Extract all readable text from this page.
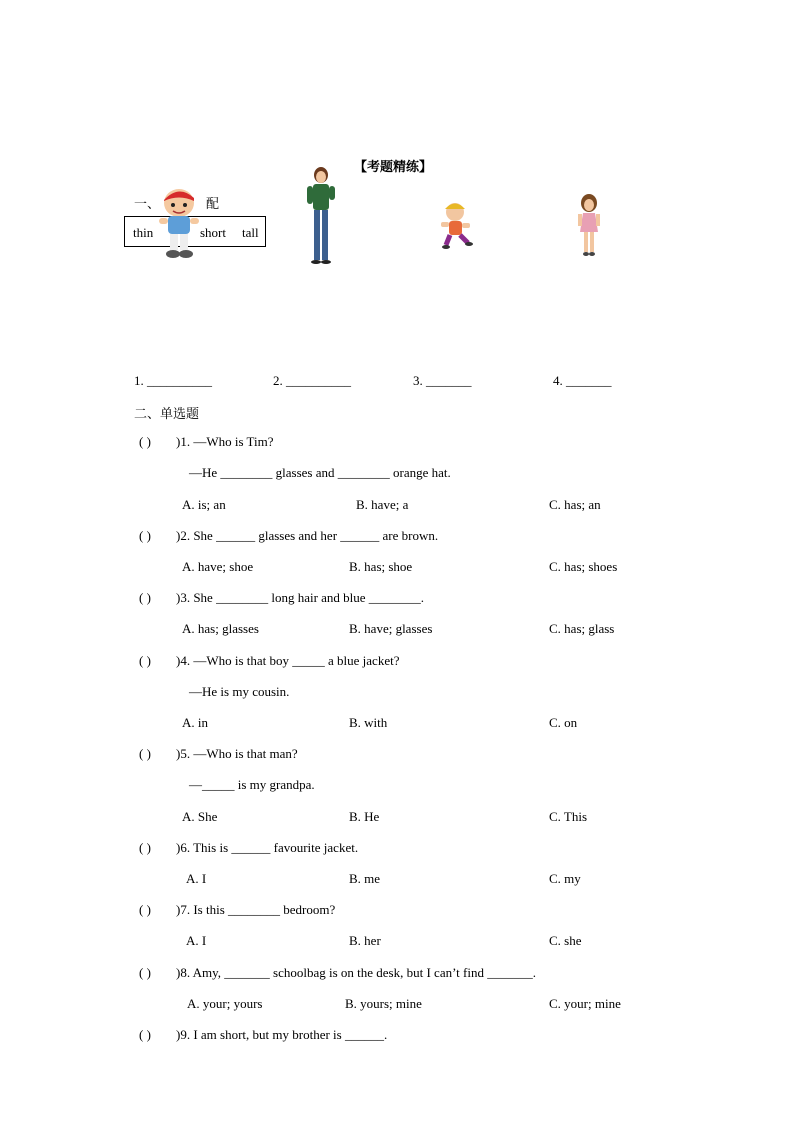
【考题精练】
一、	配
thin	short tall
1. __________	2. __________	3. _______	4. _______
二、单选题
( ) )1. —Who is Tim?
—He ________ glasses and ________ orange hat.
A. is; an	B. have; a	C. has; an
( ) )2. She ______ glasses and her ______ are brown.
A. have; shoe	B. has; shoe	C. has; shoes
( ) )3. She ________ long hair and blue ________.
A. has; glasses	B. have; glasses	C. has; glass
( ) )4. —Who is that boy _____ a blue jacket?
—He is my cousin.
A. in	B. with	C. on
( ) )5. —Who is that man?
—_____ is my grandpa.
A. She	B. He	C. This
( ) )6. This is ______ favourite jacket.
A. I	B. me	C. my
( ) )7. Is this ________ bedroom?
A. I	B. her	C. she
( ) )8. Amy, _______ schoolbag is on the desk, but I can’t find _______.
A. your; yours	B. yours; mine	C. your; mine
( ) )9. I am short, but my brother is ______.
